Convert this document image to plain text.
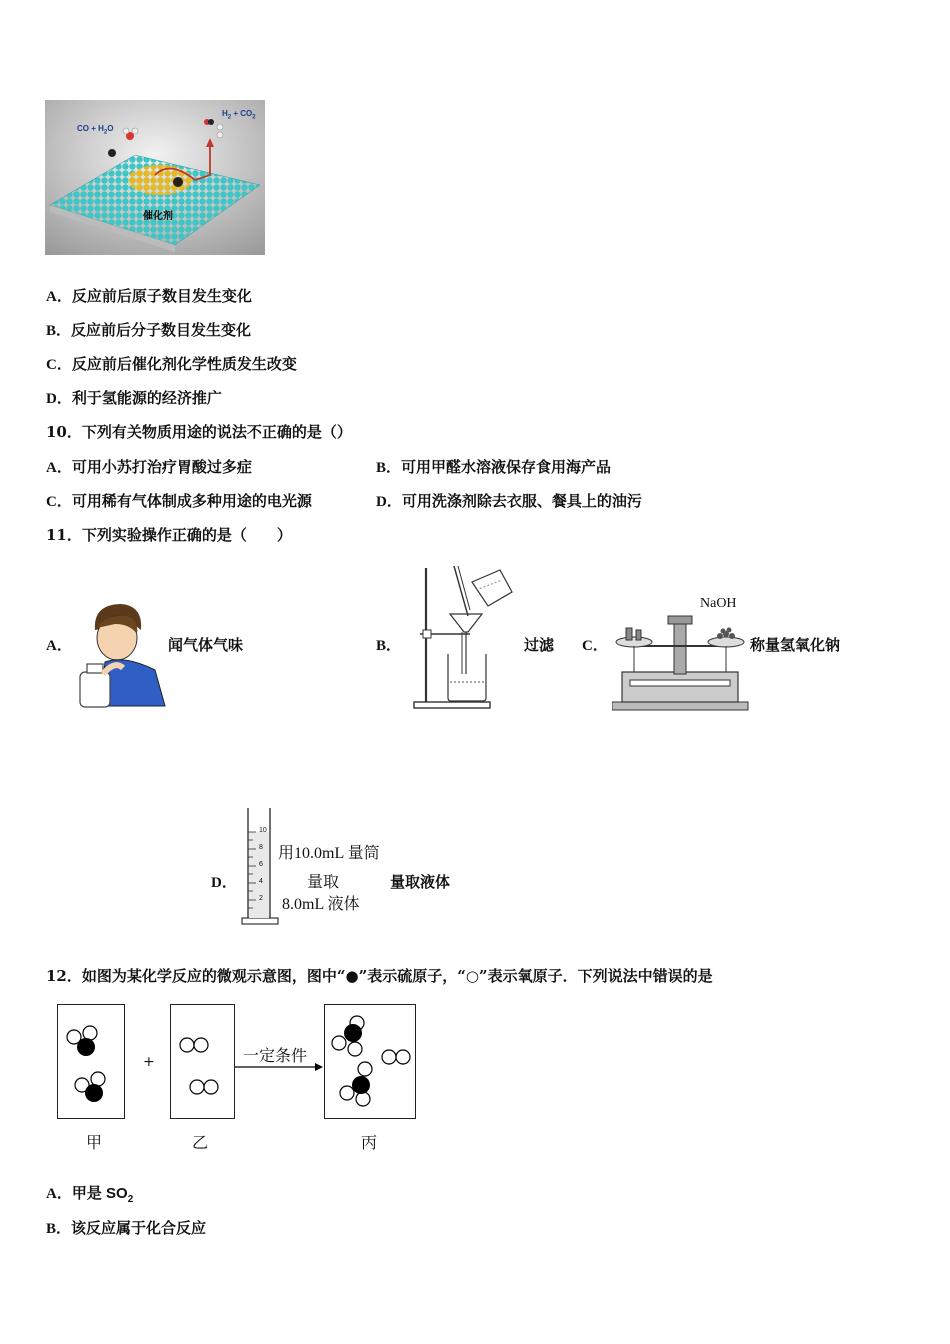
CO + $H_2O$
$H_2 + CO_2$
催化剂
A．反应前后原子数目发生变化
B．反应前后分子数目发生变化
C．反应前后催化剂化学性质发生改变
D．利于氢能源的经济推广
10．下列有关物质用途的说法不正确的是（）
A．可用小苏打治疗胃酸过多症	B．可用甲醛水溶液保存食用海产品
C．可用稀有气体制成多种用途的电光源	D．可用洗涤剂除去衣服、餐具上的油污
11．下列实验操作正确的是（　　）
A．	闻气体气味	B．	过滤 C．
NaOH
称量氢氧化钠
D．
10
8
6
4
2
用10.0mL 量筒
量取
8.0mL 液体
量取液体
12．如图为某化学反应的微观示意图，图中“●”表示硫原子，“○”表示氧原子．下列说法中错误的是
甲
+
乙
一定条件
丙
A．甲是 $SO_2$
B．该反应属于化合反应
